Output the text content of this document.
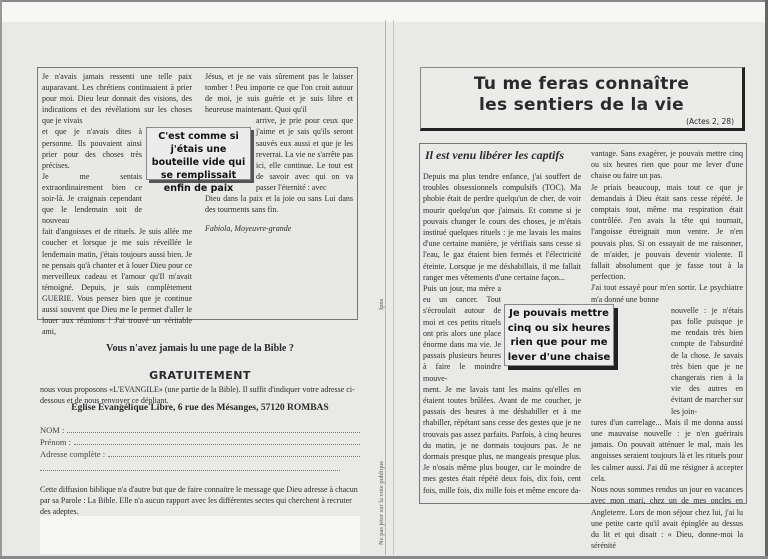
Je n'avais jamais ressenti une telle paix auparavant. Les chrétiens continuaient à prier pour moi. Dieu leur donnait des visions, des indications et des révélations sur les choses que je vivais

et que je n'avais dites à personne. Ils pouvaient ainsi prier pour des choses très précises.

Je me sentais extraordinairement bien ce soir-là. Je craignais cependant que le lendemain soit de nouveau

fait d'angoisses et de rituels. Je suis allée me coucher et lorsque je me suis réveillée le lendemain matin, j'étais toujours aussi bien. Je ne pensais qu'à chanter et à louer Dieu pour ce merveilleux cadeau et l'amour qu'Il m'avait témoigné. Depuis, je suis complètement GUERIE. Vous pensez bien que je continue aussi souvent que Dieu me le permet d'aller le louer aux réunions ! J'ai trouvé un véritable ami,

Jésus, et je ne vais sûrement pas le laisser tomber ! Peu importe ce que l'on croit autour de moi, je suis guérie et je suis libre et heureuse maintenant. Quoi qu'il

arrive, je prie pour ceux que j'aime et je sais qu'ils seront sauvés eux aussi et que je les reverrai. La vie ne s'arrête pas ici, elle continue. Le tout est de savoir avec qui on va passer l'éternité : avec

Dieu dans la paix et la joie ou sans Lui dans des tourments sans fin.

Fabiola, Moyeuvre-grande

C'est comme si j'étais une bouteille vide qui se remplissait enfin de paix
Vous n'avez jamais lu une page de la Bible ?
GRATUITEMENT
nous vous proposons «L'EVANGILE» (une partie de la Bible). Il suffit d'indiquer votre adresse ci-dessous et de nous renvoyer ce dépliant.
Eglise Evangélique Libre, 6 rue des Mésanges, 57120 ROMBAS
NOM :
Prénom :
Adresse complète :
Cette diffusion biblique n'a d'autre but que de faire connaitre le message que Dieu adresse à chacun par sa Parole : La Bible. Elle n'a aucun rapport avec les différentes sectes qui cherchent à recruter des adeptes.
Ipns
Ne pas jeter sur la voie publique
Tu me feras connaître
les sentiers de la vie
(Actes 2, 28)

Il est venu libérer les captifs

Depuis ma plus tendre enfance, j'ai souffert de troubles obsessionnels compulsifs (TOC). Ma phobie était de perdre quelqu'un de cher, de voir mourir quelqu'un que j'aimais. Et comme si je pouvais changer le cours des choses, je m'étais institué quelques rituels : je me lavais les mains d'une certaine manière, je vérifiais sans cesse si l'eau, le gaz étaient bien fermés et l'électricité éteinte. Lorsque je me déshabillais, il me fallait ranger mes vêtements d'une certaine façon...

Puis un jour, ma mère a eu un cancer. Tout s'écroulait autour de moi et ces petits rituels ont pris alors une place énorme dans ma vie. Je passais plusieurs heures à faire le moindre mouve-

ment. Je me lavais tant les mains qu'elles en étaient toutes brûlées. Avant de me coucher, je passais des heures à me déshabiller et à me rhabiller, répétant sans cesse des gestes que je ne trouvais pas assez parfaits. Parfois, à cinq heures du matin, je ne dormais toujours pas. Je ne dormais presque plus, ne mangeais presque plus. Je n'osais même plus bouger, car le moindre de mes gestes était répété deux fois, dix fois, cent fois, mille fois, dix mille fois et même encore da-

vantage. Sans exagérer, je pouvais mettre cinq ou six heures rien que pour me lever d'une chaise ou faire un pas.

Je priais beaucoup, mais tout ce que je demandais à Dieu était sans cesse répété. Je comptais tout, même ma respiration était contrôlée. J'en avais la tête qui tournait, l'angoisse étreignait mon ventre. Je n'en pouvais plus. Si on essayait de me raisonner, de m'aider, je pouvais devenir violente. Il fallait absolument que je fasse tout à la perfection.

J'ai tout essayé pour m'en sortir. Le psychiatre m'a donné une bonne

nouvelle : je n'étais pas folle puisque je me rendais très bien compte de l'absurdité de la chose. Je savais très bien que je ne changerais rien à la vie des autres en évitant de marcher sur les join-

tures d'un carrelage... Mais il me donna aussi une mauvaise nouvelle : je n'en guérirais jamais. On pouvait atténuer le mal, mais les angoisses seraient toujours là et les rituels pour les calmer aussi. J'ai dû me résigner à accepter cela.

Nous nous sommes rendus un jour en vacances avec mon mari, chez un de mes oncles en Angleterre. Lors de mon séjour chez lui, j'ai lu une petite carte qu'il avait épinglée au dessus du lit et qui disait : « Dieu, donne-moi la sérénité

Je pouvais mettre cinq ou six heures rien que pour me lever d'une chaise
